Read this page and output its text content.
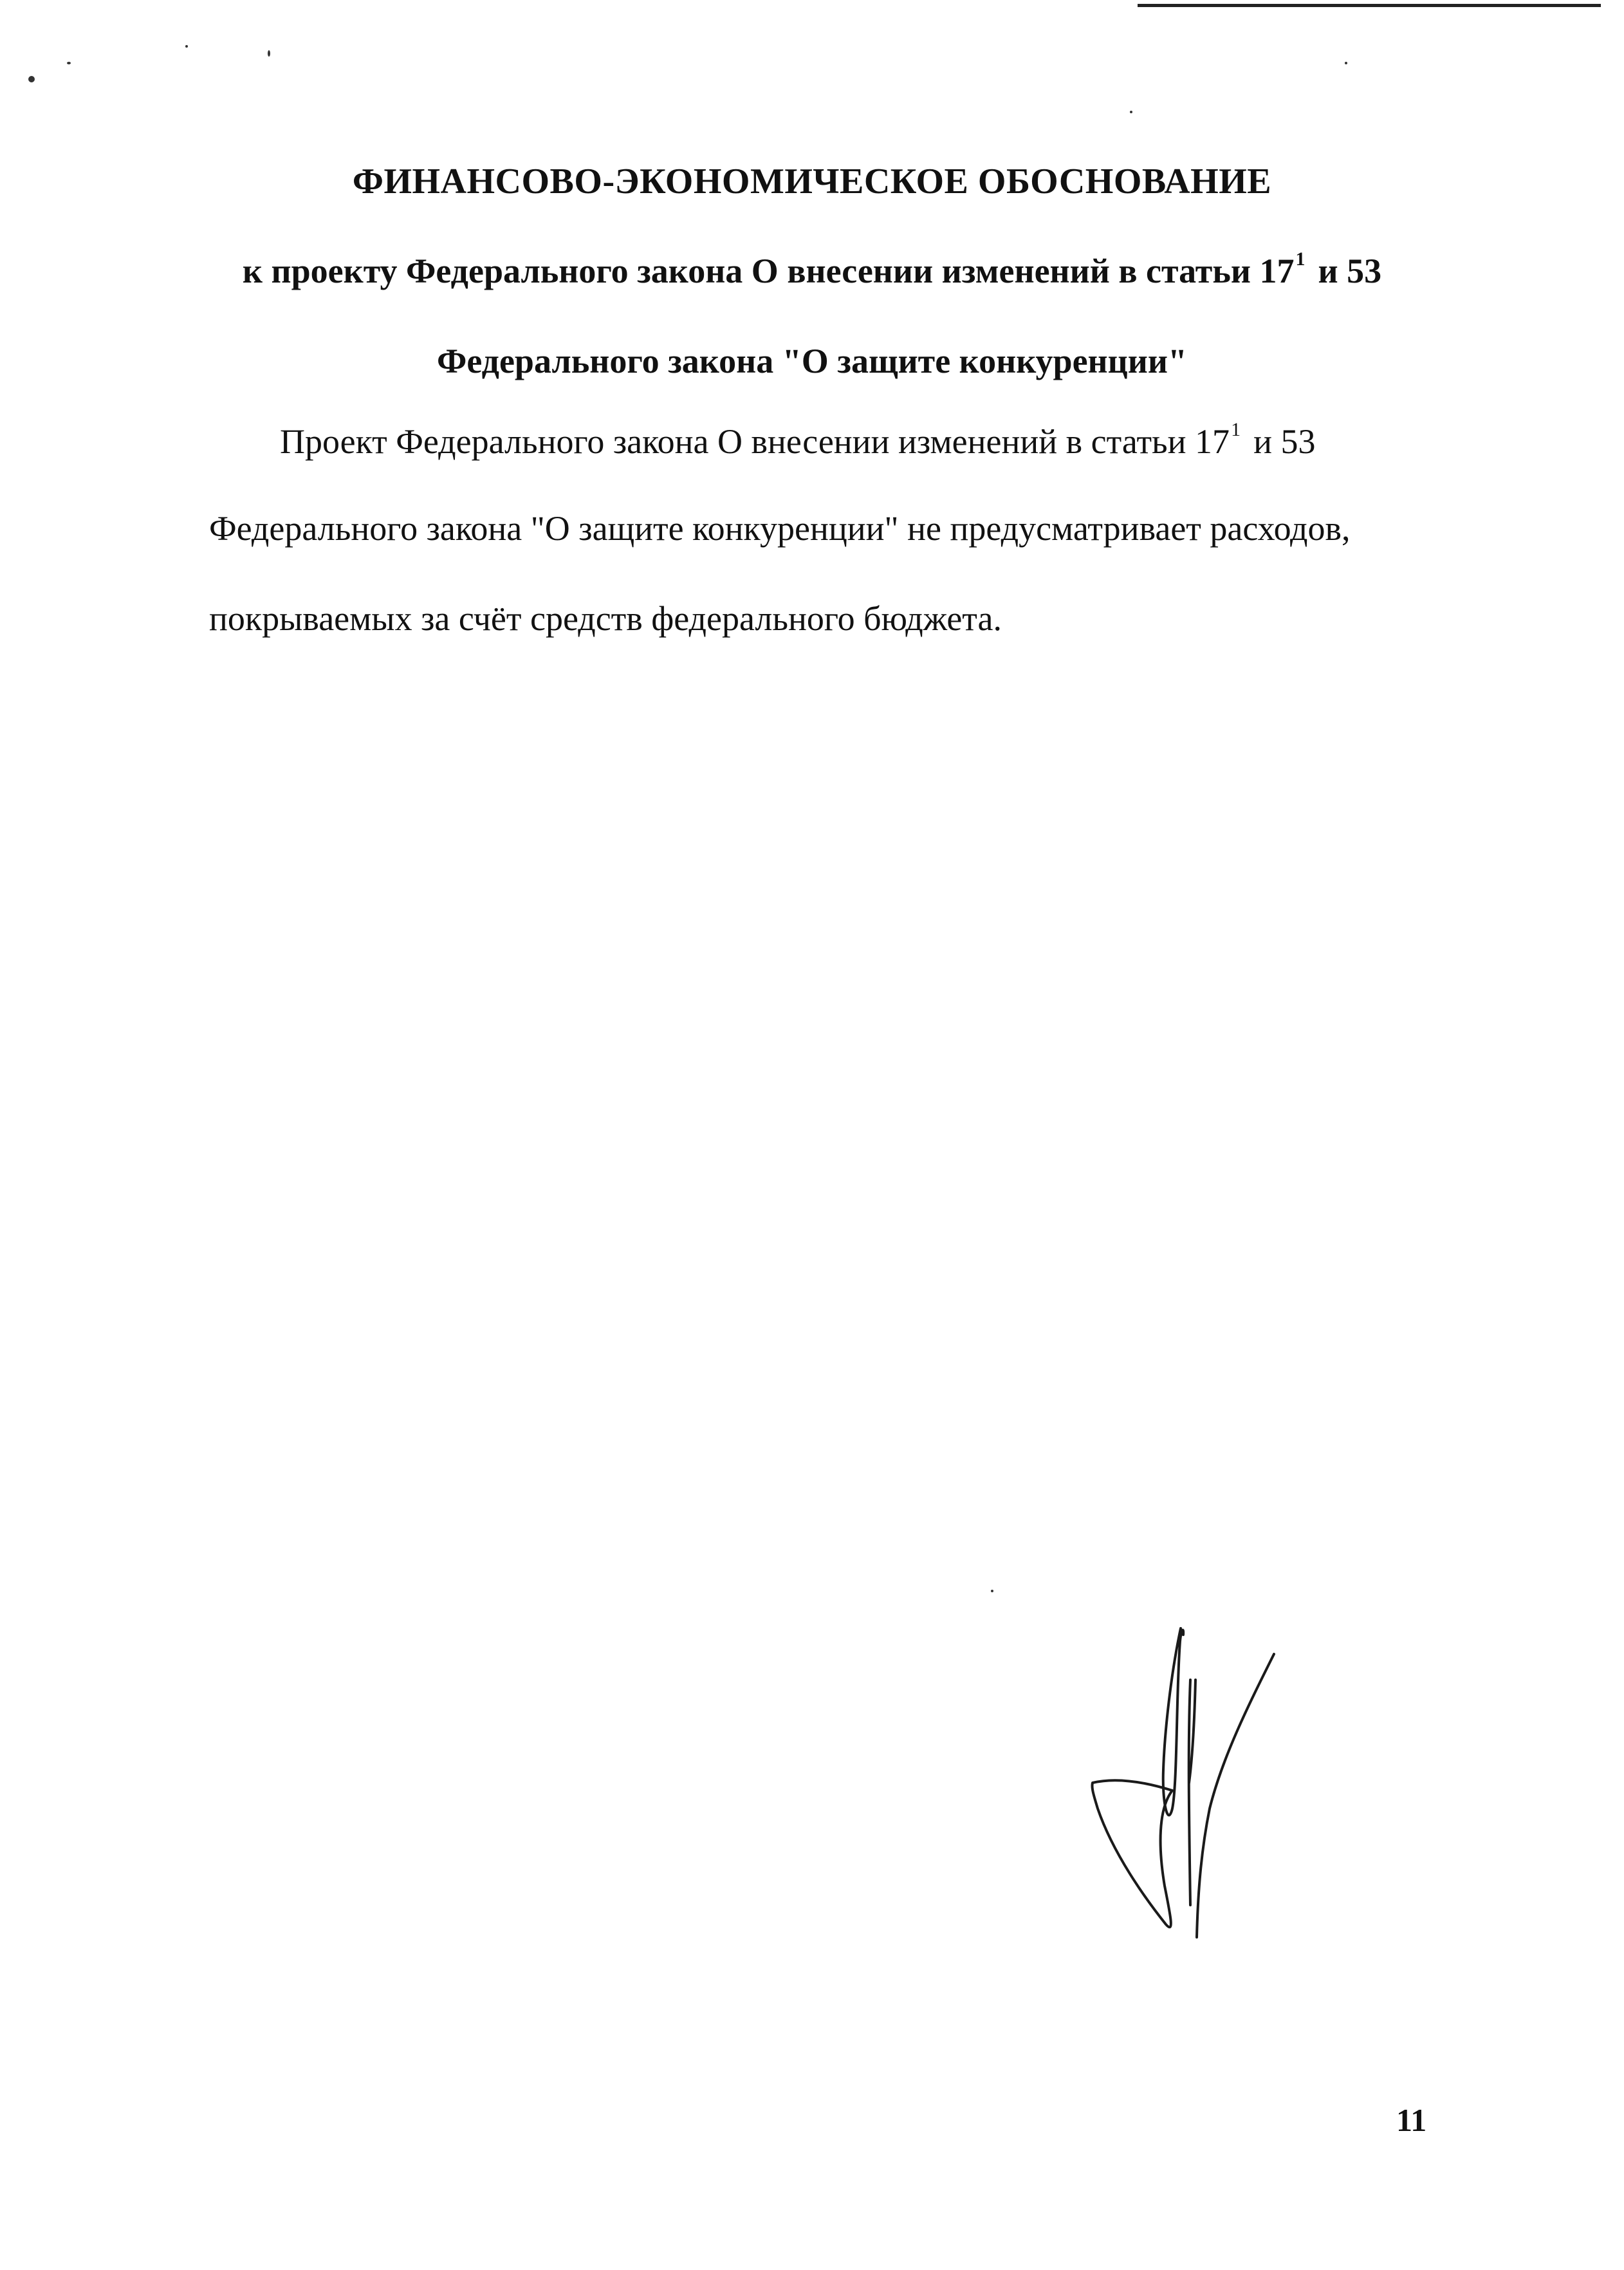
ФИНАНСОВО-ЭКОНОМИЧЕСКОЕ ОБОСНОВАНИЕ
к проекту Федерального закона О внесении изменений в статьи $17^1$ и 53
Федерального закона "О защите конкуренции"
Проект Федерального закона О внесении изменений в статьи $17^1$ и 53
Федерального закона "О защите конкуренции" не предусматривает расходов,
покрываемых за счёт средств федерального бюджета.
11
